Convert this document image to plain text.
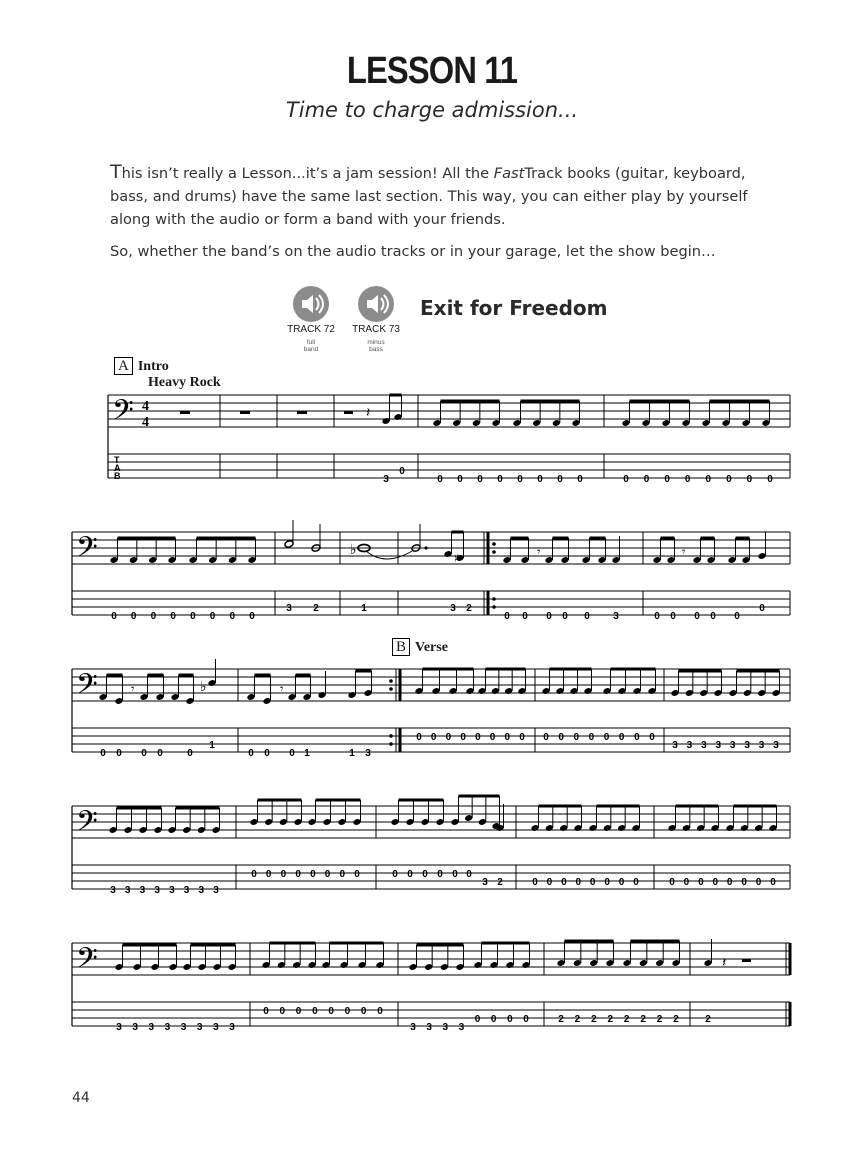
LESSON 11
Time to charge admission...
This isn’t really a Lesson...it’s a jam session! All the FastTrack books (guitar, keyboard, bass, and drums) have the same last section. This way, you can either play by yourself along with the audio or form a band with your friends.
So, whether the band’s on the audio tracks or in your garage, let the show begin…
TRACK 72
full
band
TRACK 73
minus
bass
Exit for Freedom
A Intro
Heavy Rock
B Verse
𝄢
T
A
B
4
4
𝄽
3
0
0 0 0 0 0 0 0 0	0 0 0 0 0 0 0 0
𝄢	♭	♯	𝄾	𝄾
0 0 0 0 0 0 0 0
3 2	1	3 2
0 0 0 0 0 3	0 0 0 0 0
0
𝄢	𝄾	♭	𝄾
0 0 0 0 0
1
0 0 0 1	1 3
0 0 0 0 0 0 0 0 0 0 0 0 0 0 0 0
3 3 3 3 3 3 3 3
𝄢
3 3 3 3 3 3 3 3
0 0 0 0 0 0 0 0	0 0 0 0 0 0
3 2	0 0 0 0 0 0 0 0	0 0 0 0 0 0 0 0
𝄢	𝄽
3 3 3 3 3 3 3 3
0 0 0 0 0 0 0 0
3 3 3 3
0 0 0 0	2 2 2 2 2 2 2 2	2
44
